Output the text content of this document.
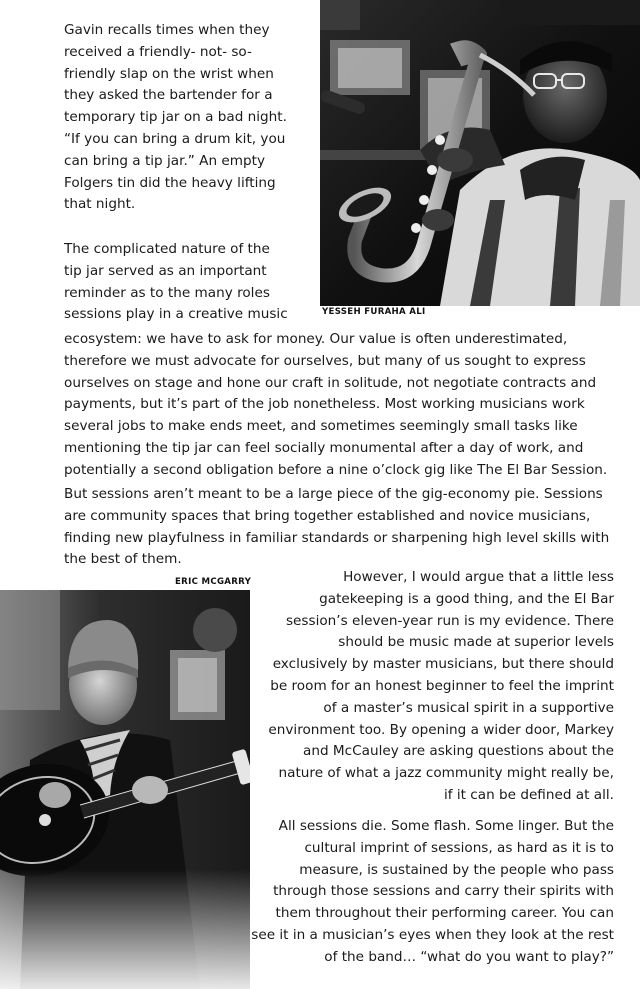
YESSEH FURAHA ALI
ERIC MCGARRY
Gavin recalls times when they
received a friendly- not- so-
friendly slap on the wrist when
they asked the bartender for a
temporary tip jar on a bad night.
“If you can bring a drum kit, you
can bring a tip jar.” An empty
Folgers tin did the heavy lifting
that night.
The complicated nature of the
tip jar served as an important
reminder as to the many roles
sessions play in a creative music
ecosystem: we have to ask for money. Our value is often underestimated,
therefore we must advocate for ourselves, but many of us sought to express
ourselves on stage and hone our craft in solitude, not negotiate contracts and
payments, but it’s part of the job nonetheless. Most working musicians work
several jobs to make ends meet, and sometimes seemingly small tasks like
mentioning the tip jar can feel socially monumental after a day of work, and
potentially a second obligation before a nine o’clock gig like The El Bar Session.
But sessions aren’t meant to be a large piece of the gig-economy pie. Sessions
are community spaces that bring together established and novice musicians,
finding new playfulness in familiar standards or sharpening high level skills with
the best of them.
However, I would argue that a little less
gatekeeping is a good thing, and the El Bar
session’s eleven-year run is my evidence. There
should be music made at superior levels
exclusively by master musicians, but there should
be room for an honest beginner to feel the imprint
of a master’s musical spirit in a supportive
environment too. By opening a wider door, Markey
and McCauley are asking questions about the
nature of what a jazz community might really be,
if it can be defined at all.
All sessions die. Some flash. Some linger. But the
cultural imprint of sessions, as hard as it is to
measure, is sustained by the people who pass
through those sessions and carry their spirits with
them throughout their performing career. You can
see it in a musician’s eyes when they look at the rest
of the band… “what do you want to play?”
